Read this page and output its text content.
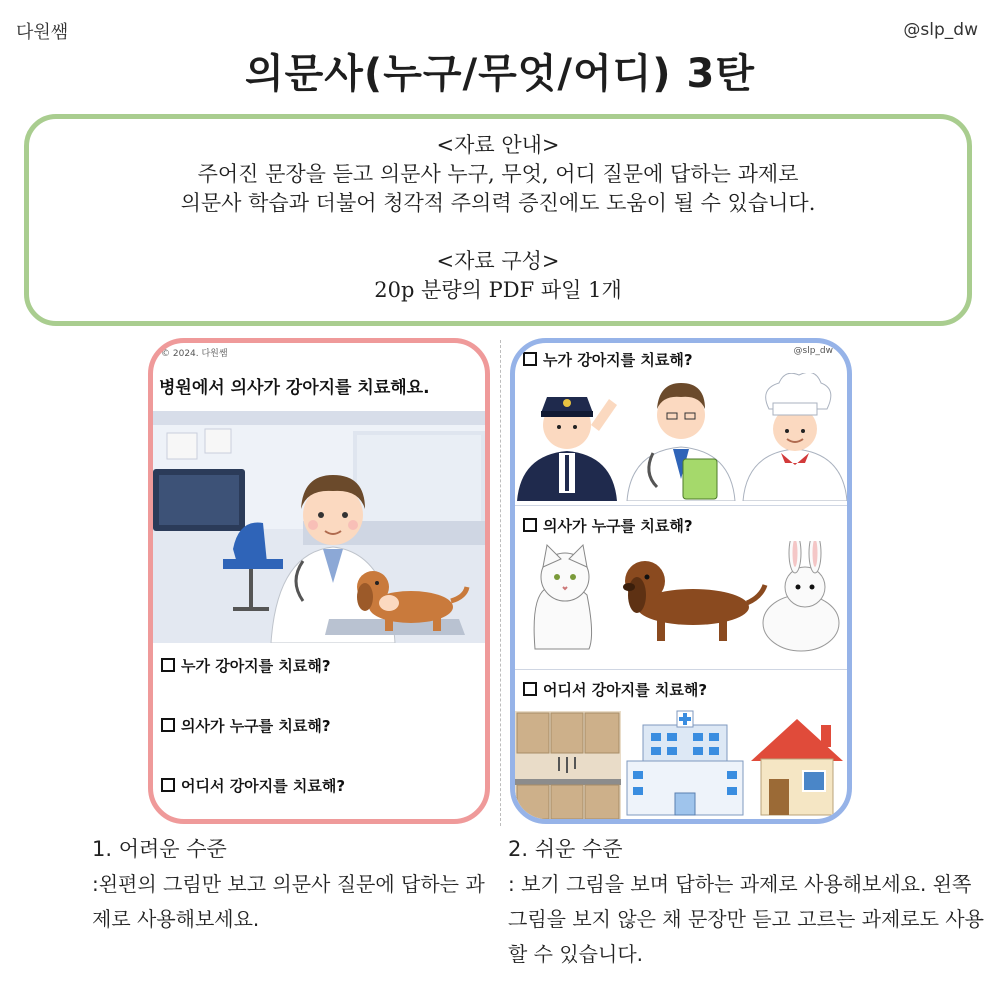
다원쌤	@slp_dw
의문사(누구/무엇/어디) 3탄
<자료 안내>
주어진 문장을 듣고 의문사 누구, 무엇, 어디 질문에 답하는 과제로
의문사 학습과 더불어 청각적 주의력 증진에도 도움이 될 수 있습니다.
<자료 구성>
20p 분량의 PDF 파일 1개
© 2024. 다원쌤
병원에서 의사가 강아지를 치료해요.
누가 강아지를 치료해?
의사가 누구를 치료해?
어디서 강아지를 치료해?
@slp_dw
누가 강아지를 치료해?
의사가 누구를 치료해?
어디서 강아지를 치료해?
1. 어려운 수준
:왼편의 그림만 보고 의문사 질문에 답하는 과제로 사용해보세요.
2. 쉬운 수준
: 보기 그림을 보며 답하는 과제로 사용해보세요. 왼쪽 그림을 보지 않은 채 문장만 듣고 고르는 과제로도 사용할 수 있습니다.
